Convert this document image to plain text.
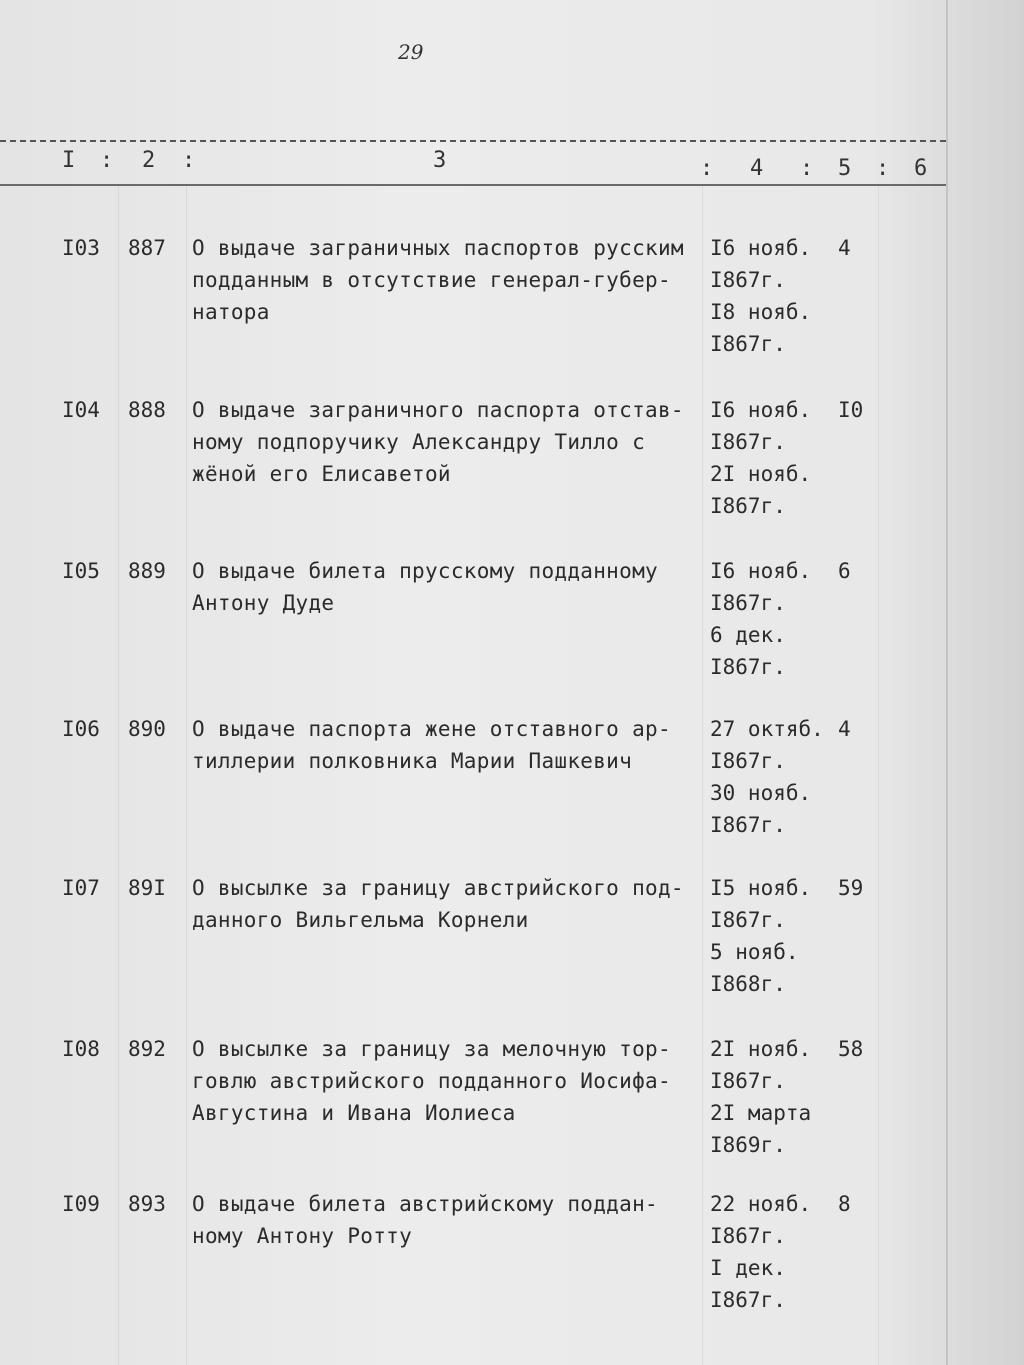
29
I : 2 :	3	: 4 : 5 : 6
I03 887 О выдаче заграничных паспортов русским
подданным в отсутствие генерал-губер-
натора
I6 нояб.
I867г.
I8 нояб.
I867г.
4
I04 888 О выдаче заграничного паспорта отстав-
ному подпоручику Александру Тилло с
жёной его Елисаветой
I6 нояб.
I867г.
2I нояб.
I867г.
I0
I05 889 О выдаче билета прусскому подданному
Антону Дуде
I6 нояб.
I867г.
6 дек.
I867г.
6
I06 890 О выдаче паспорта жене отставного ар-
тиллерии полковника Марии Пашкевич
27 октяб.
I867г.
30 нояб.
I867г.
4
I07 89I О высылке за границу австрийского под-
данного Вильгельма Корнели
I5 нояб.
I867г.
5 нояб.
I868г.
59
I08 892 О высылке за границу за мелочную тор-
говлю австрийского подданного Иосифа-
Августина и Ивана Иолиеса
2I нояб.
I867г.
2I марта
I869г.
58
I09 893 О выдаче билета австрийскому поддан-
ному Антону Ротту
22 нояб.
I867г.
I дек.
I867г.
8
